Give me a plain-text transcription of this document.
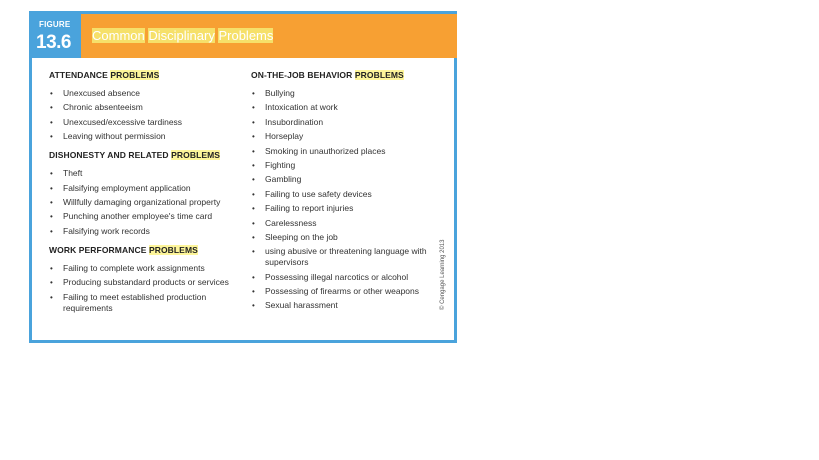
FIGURE
13.6 Common Disciplinary Problems
ATTENDANCE PROBLEMS
• Unexcused absence
• Chronic absenteeism
• Unexcused/excessive tardiness
• Leaving without permission
DISHONESTY AND RELATED PROBLEMS
• Theft
• Falsifying employment application
• Willfully damaging organizational property
• Punching another employee's time card
• Falsifying work records
WORK PERFORMANCE PROBLEMS
• Failing to complete work assignments
• Producing substandard products or services
• Failing to meet established production requirements
ON-THE-JOB BEHAVIOR PROBLEMS
• Bullying
• Intoxication at work
• Insubordination
• Horseplay
• Smoking in unauthorized places
• Fighting
• Gambling
• Failing to use safety devices
• Failing to report injuries
• Carelessness
• Sleeping on the job
• using abusive or threatening language with supervisors
• Possessing illegal narcotics or alcohol
• Possessing of firearms or other weapons
• Sexual harassment	© Cengage Learning 2013
